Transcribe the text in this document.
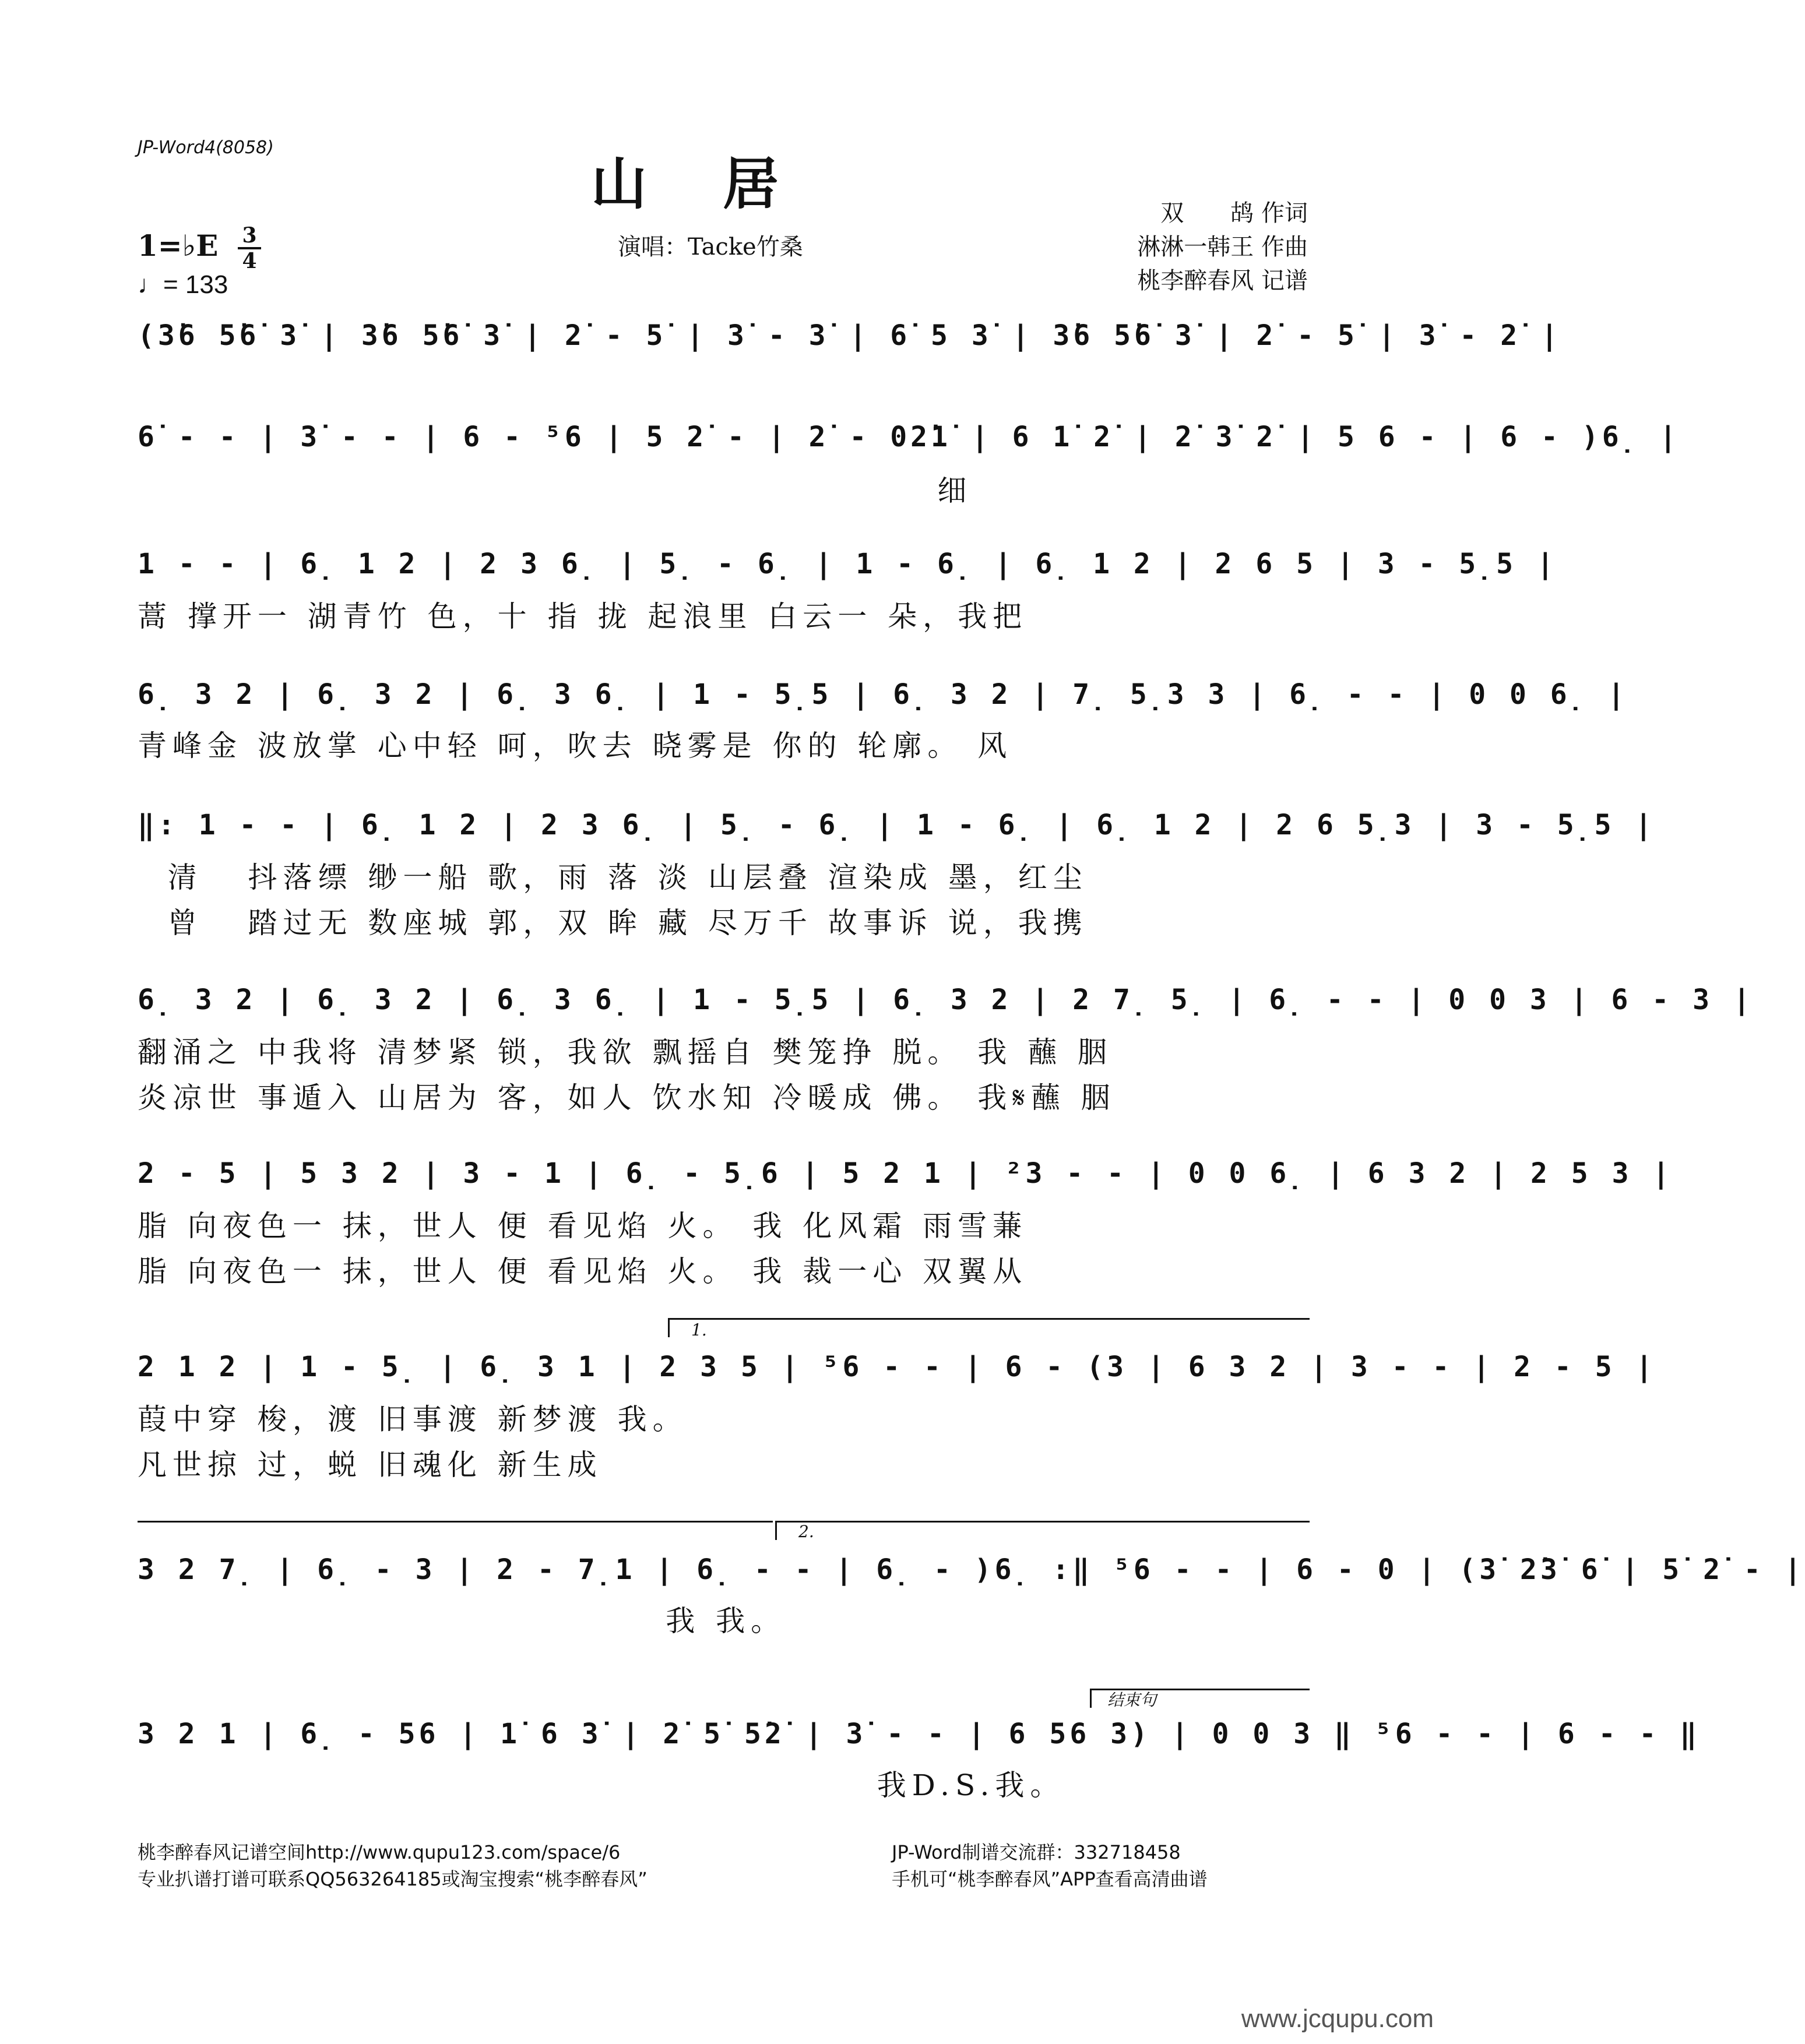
JP-Word4(8058)
山居
演唱：Tacke竹桑
1=♭E 3
4
♩= 133
双　　鸪 作词
淋淋一韩王 作曲
桃李醉春风 记谱
(3̇6 5̇6̇ 3̇ | 3̇6 5̇6̇ 3̇ | 2̇ - 5̇ | 3̇ - 3̇ | 6̇ 5 3̇ | 3̇6 5̇6̇ 3̇ | 2̇ - 5̇ | 3̇ - 2̇ |
6̇ - - | 3̇ - - | 6 - ⁵6 | 5 2̇ - | 2̇ - 02̇1̇ | 6 1̇ 2̇ | 2̇ 3̇ 2̇ | 5 6 - | 6 - )6̣ |
细
1 - - | 6̣ 1 2 | 2 3 6̣ | 5̣ - 6̣ | 1 - 6̣ | 6̣ 1 2 | 2 6 5 | 3 - 5̣5 |
蒿 撑开一 湖青竹 色，十 指 拢 起浪里 白云一 朵，我把
6̣ 3 2 | 6̣ 3 2 | 6̣ 3 6̣ | 1 - 5̣5 | 6̣ 3 2 | 7̣ 5̣3 3 | 6̣ - - | 0 0 6̣ |
青峰金 波放掌 心中轻 呵，吹去 晓雾是 你的 轮廓。 风
‖: 1 - - | 6̣ 1 2 | 2 3 6̣ | 5̣ - 6̣ | 1 - 6̣ | 6̣ 1 2 | 2 6 5̣3 | 3 - 5̣5 |
清   抖落缥 缈一船 歌，雨 落 淡 山层叠 渲染成 墨，红尘
曾   踏过无 数座城 郭，双 眸 藏 尽万千 故事诉 说，我携
6̣ 3 2 | 6̣ 3 2 | 6̣ 3 6̣ | 1 - 5̣5 | 6̣ 3 2 | 2 7̣ 5̣ | 6̣ - - | 0 0 3 | 6 - 3 |
翻涌之 中我将 清梦紧 锁，我欲 飘摇自 樊笼挣 脱。 我 蘸 胭
炎凉世 事遁入 山居为 客，如人 饮水知 冷暖成 佛。 我𝄋蘸 胭
2 - 5 | 5 3 2 | 3 - 1 | 6̣ - 5̣6 | 5 2 1 | ²3 - - | 0 0 6̣ | 6 3 2 | 2 5 3 |
脂 向夜色一 抹，世人 便 看见焰 火。 我 化风霜 雨雪蒹
脂 向夜色一 抹，世人 便 看见焰 火。 我 裁一心 双翼从
1.
2 1 2 | 1 - 5̣ | 6̣ 3 1 | 2 3 5 | ⁵6 - - | 6 - (3 | 6 3 2 | 3 - - | 2 - 5 |
葭中穿 梭，渡 旧事渡 新梦渡 我。
凡世掠 过，蜕 旧魂化 新生成
2.
3 2 7̣ | 6̣ - 3 | 2 - 7̣1 | 6̣ - - | 6̣ - )6̣ :‖ ⁵6 - - | 6 - 0 | (3̇ 2̇3̇ 6̇ | 5̇ 2̇ - |
我 我。
结束句
3 2 1 | 6̣ - 56 | 1̇ 6 3̇ | 2̇ 5̇ 5̇2̇ | 3̇ - - | 6 56 3) | 0 0 3 ‖ ⁵6 - - | 6 - - ‖
我D.S.我。
桃李醉春风记谱空间http://www.qupu123.com/space/6
专业扒谱打谱可联系QQ563264185或淘宝搜索“桃李醉春风”
JP-Word制谱交流群：332718458
手机可“桃李醉春风”APP查看高清曲谱
www.jcqupu.com
